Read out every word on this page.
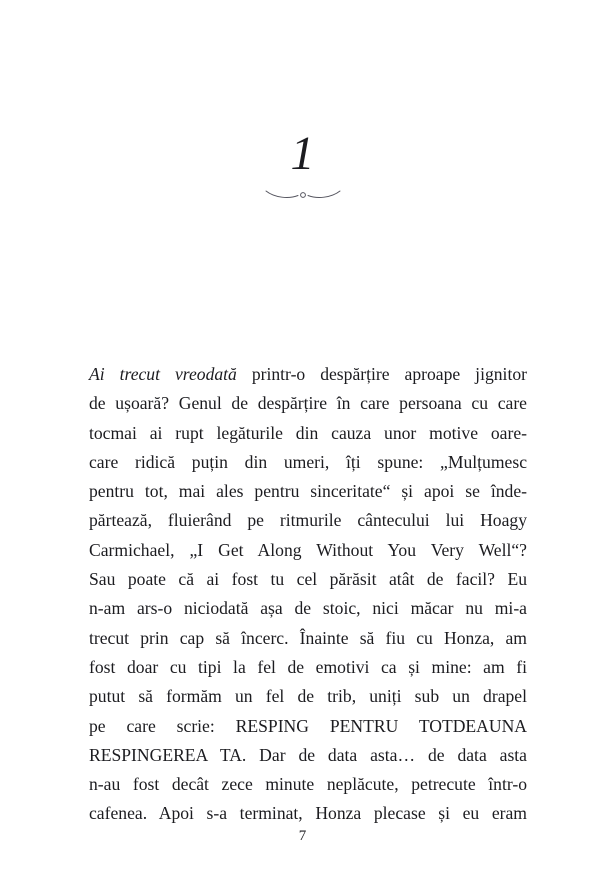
1
Ai trecut vreodată printr-o despărțire aproape jignitor
de ușoară? Genul de despărțire în care persoana cu care
tocmai ai rupt legăturile din cauza unor motive oare-
care ridică puțin din umeri, îți spune: „Mulțumesc
pentru tot, mai ales pentru sinceritate“ și apoi se înde-
părtează, fluierând pe ritmurile cântecului lui Hoagy
Carmichael, „I Get Along Without You Very Well“?
Sau poate că ai fost tu cel părăsit atât de facil? Eu
n-am ars-o niciodată așa de stoic, nici măcar nu mi-a
trecut prin cap să încerc. Înainte să fiu cu Honza, am
fost doar cu tipi la fel de emotivi ca și mine: am fi
putut să formăm un fel de trib, uniți sub un drapel
pe care scrie: RESPING PENTRU TOTDEAUNA
RESPINGEREA TA. Dar de data asta… de data asta
n-au fost decât zece minute neplăcute, petrecute într-o
cafenea. Apoi s-a terminat, Honza plecase și eu eram
7
